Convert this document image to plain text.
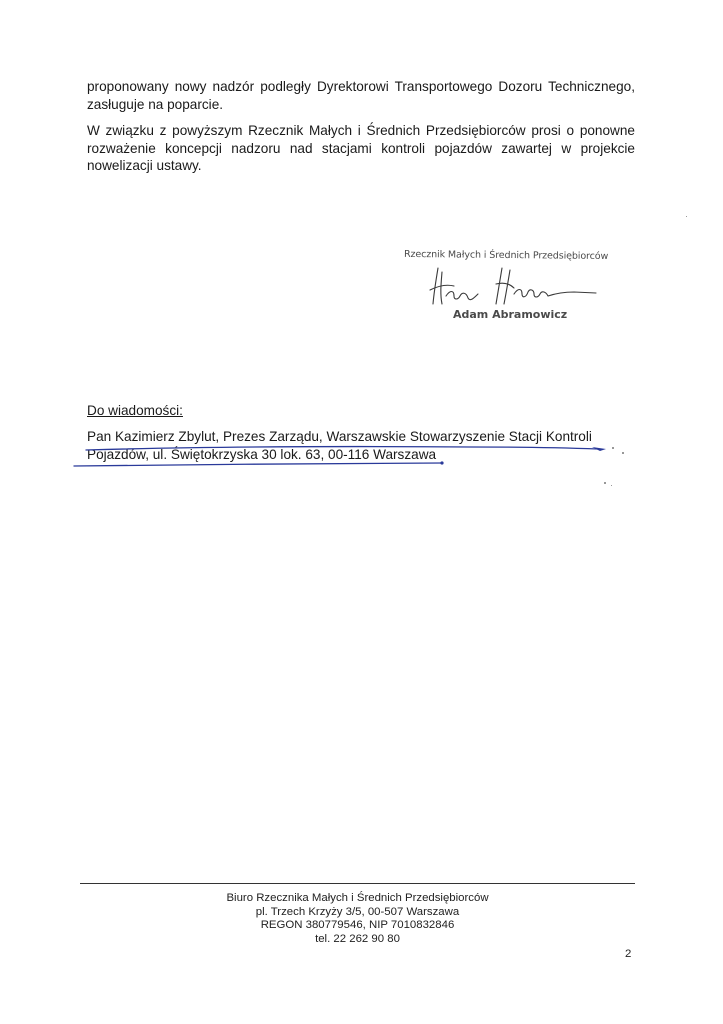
proponowany nowy nadzór podległy Dyrektorowi Transportowego Dozoru Technicznego, zasługuje na poparcie.

W związku z powyższym Rzecznik Małych i Średnich Przedsiębiorców prosi o ponowne rozważenie koncepcji nadzoru nad stacjami kontroli pojazdów zawartej w projekcie nowelizacji ustawy.

Rzecznik Małych i Średnich Przedsiębiorców
Adam Abramowicz

Do wiadomości:

Pan Kazimierz Zbylut, Prezes Zarządu, Warszawskie Stowarzyszenie Stacji Kontroli
Pojazdów, ul. Świętokrzyska 30 lok. 63, 00-116 Warszawa

Biuro Rzecznika Małych i Średnich Przedsiębiorców
pl. Trzech Krzyży 3/5, 00-507 Warszawa
REGON 380779546, NIP 7010832846
tel. 22 262 90 80
2
